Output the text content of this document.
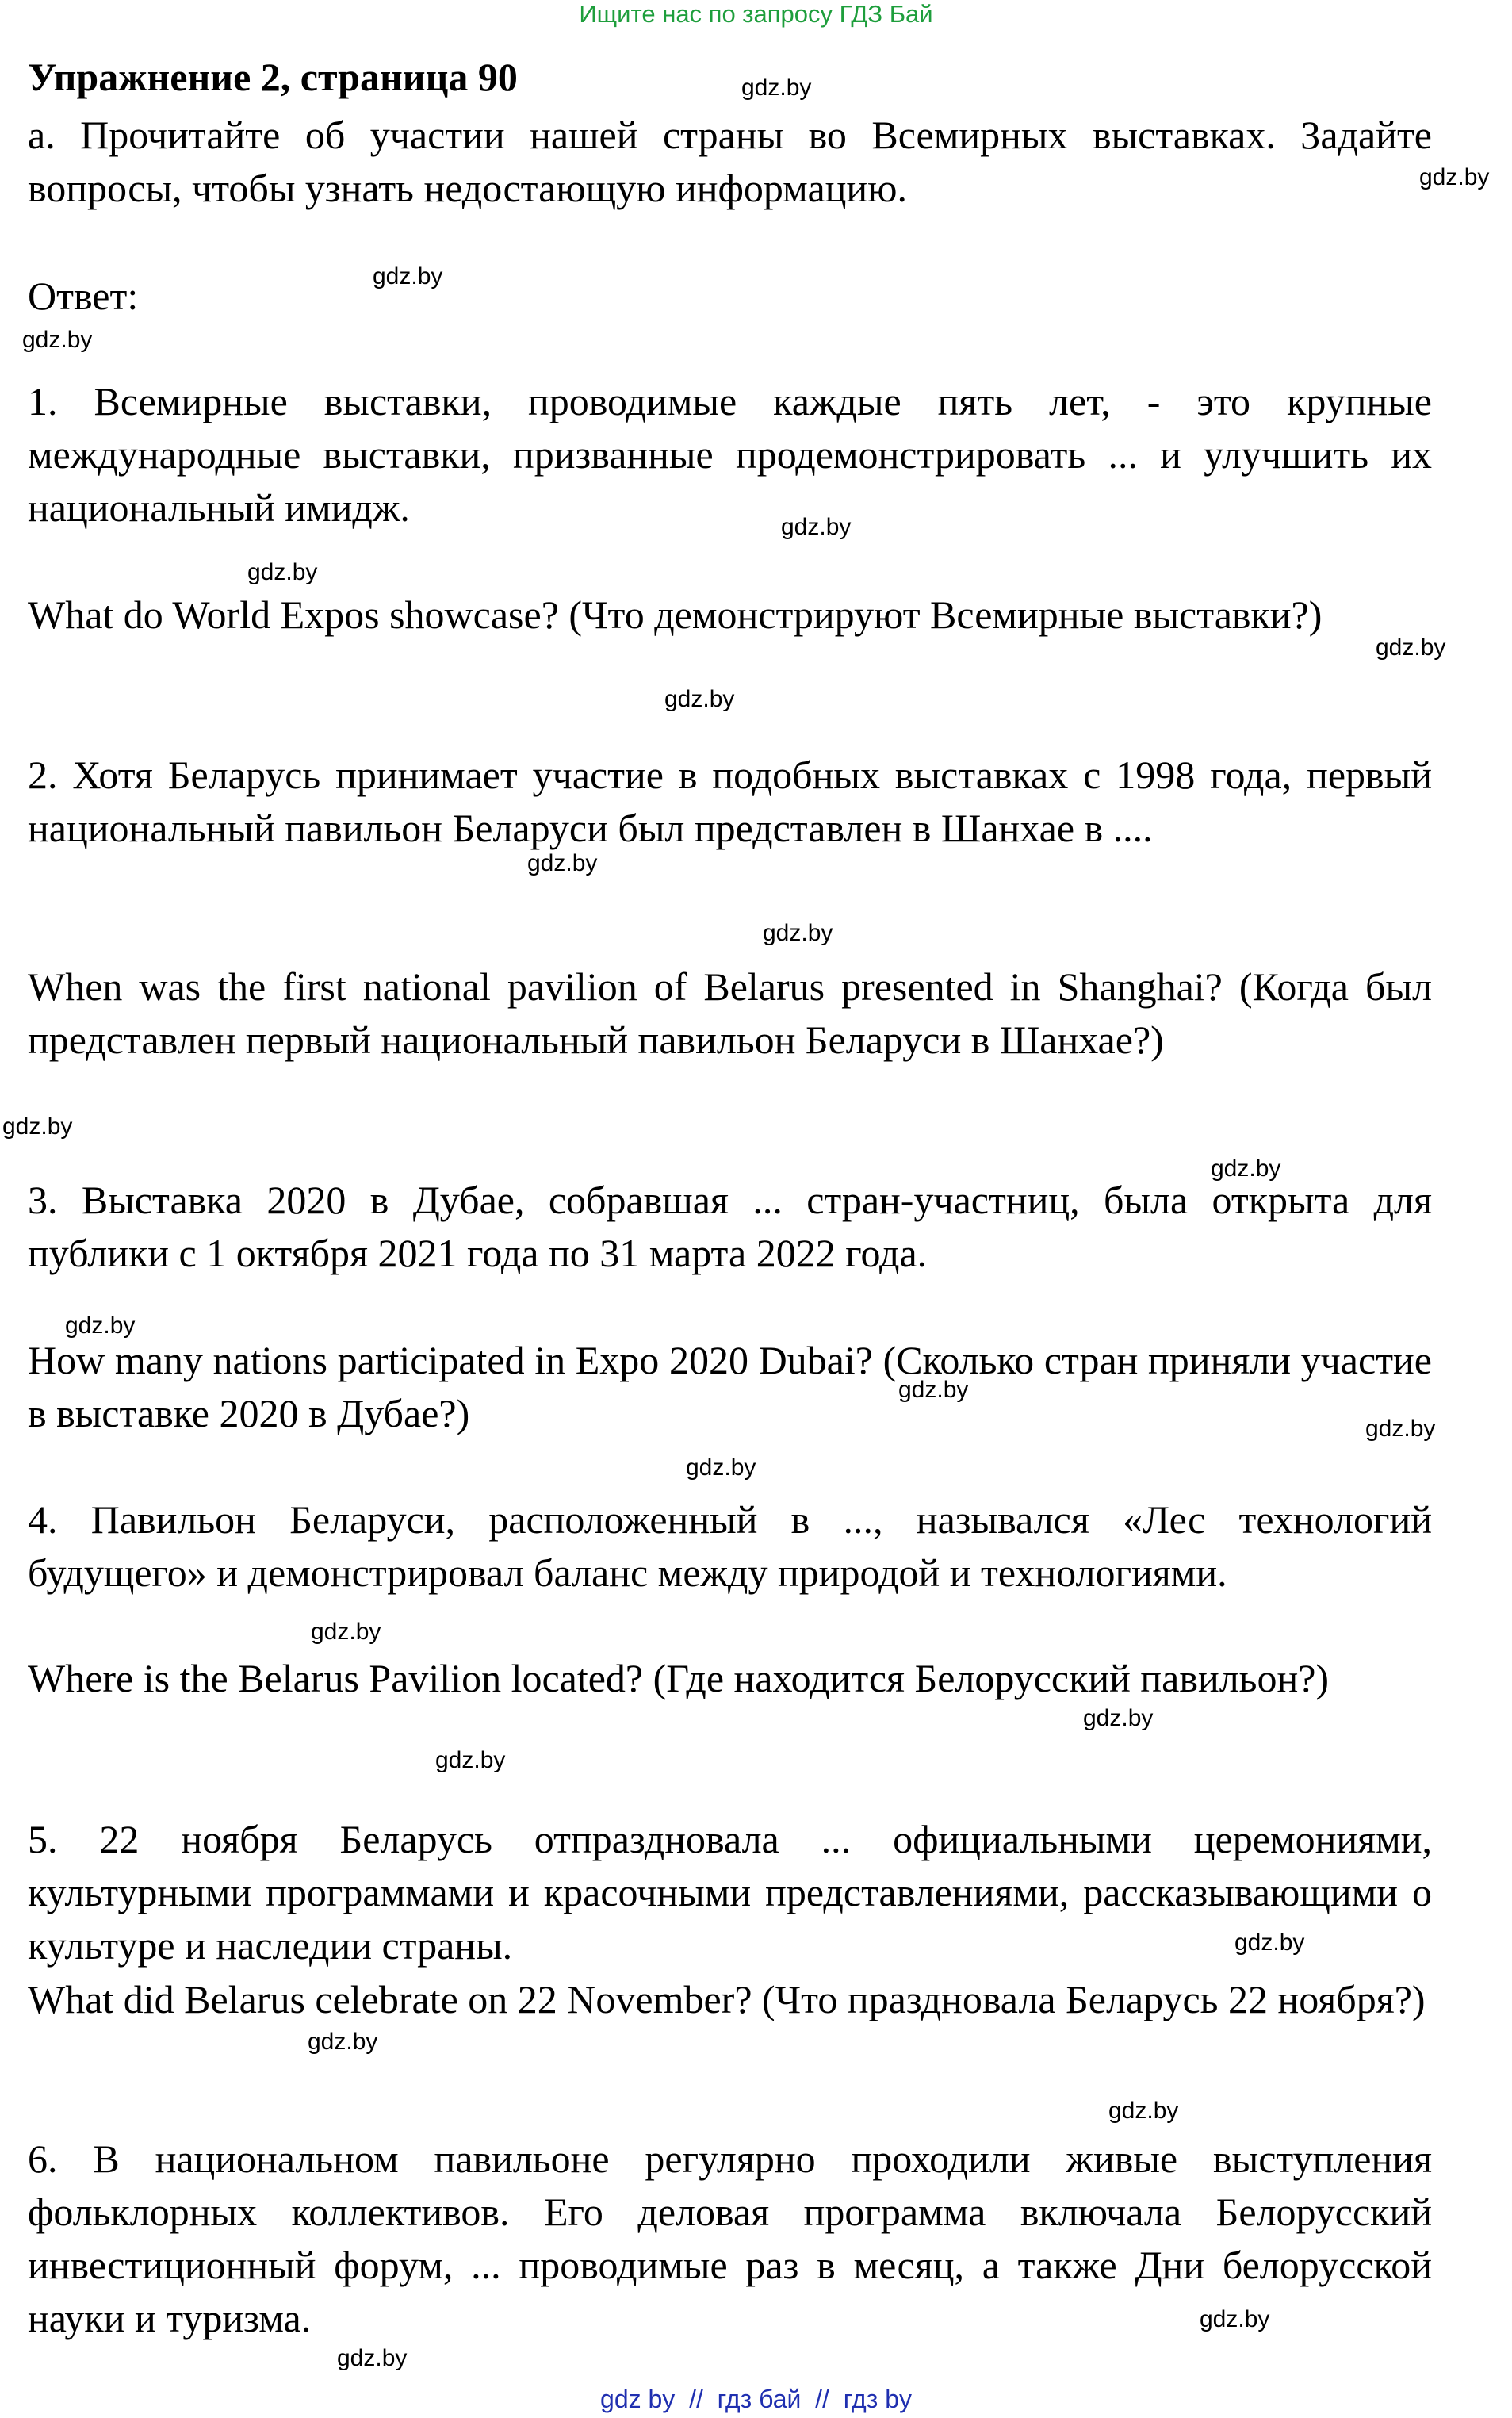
Ищите нас по запросу ГДЗ Бай
Упражнение 2, страница 90
а. Прочитайте об участии нашей страны во Всемирных выставках. Задайте вопросы, чтобы узнать недостающую информацию.
Ответ:
1. Всемирные выставки, проводимые каждые пять лет, - это крупные международные выставки, призванные продемонстрировать ... и улучшить их национальный имидж.
What do World Expos showcase? (Что демонстрируют Всемирные выставки?)
2. Хотя Беларусь принимает участие в подобных выставках с 1998 года, первый национальный павильон Беларуси был представлен в Шанхае в ....
When was the first national pavilion of Belarus presented in Shanghai? (Когда был представлен первый национальный павильон Беларуси в Шанхае?)
3. Выставка 2020 в Дубае, собравшая ... стран-участниц, была открыта для публики с 1 октября 2021 года по 31 марта 2022 года.
How many nations participated in Expo 2020 Dubai? (Сколько стран приняли участие в выставке 2020 в Дубае?)
4. Павильон Беларуси, расположенный в ..., назывался «Лес технологий будущего» и демонстрировал баланс между природой и технологиями.
Where is the Belarus Pavilion located? (Где находится Белорусский павильон?)
5. 22 ноября Беларусь отпраздновала ... официальными церемониями, культурными программами и красочными представлениями, рассказывающими о культуре и наследии страны.
What did Belarus celebrate on 22 November? (Что праздновала Беларусь 22 ноября?)
6. В национальном павильоне регулярно проходили живые выступления фольклорных коллективов. Его деловая программа включала Белорусский инвестиционный форум, ... проводимые раз в месяц, а также Дни белорусской науки и туризма.
gdz.by
gdz.by
gdz.by
gdz.by
gdz.by
gdz.by
gdz.by
gdz.by
gdz.by
gdz.by
gdz.by
gdz.by
gdz.by
gdz.by
gdz.by
gdz.by
gdz.by
gdz.by
gdz.by
gdz.by
gdz.by
gdz.by
gdz.by
gdz.by
gdz by  //  гдз бай  //  гдз by
